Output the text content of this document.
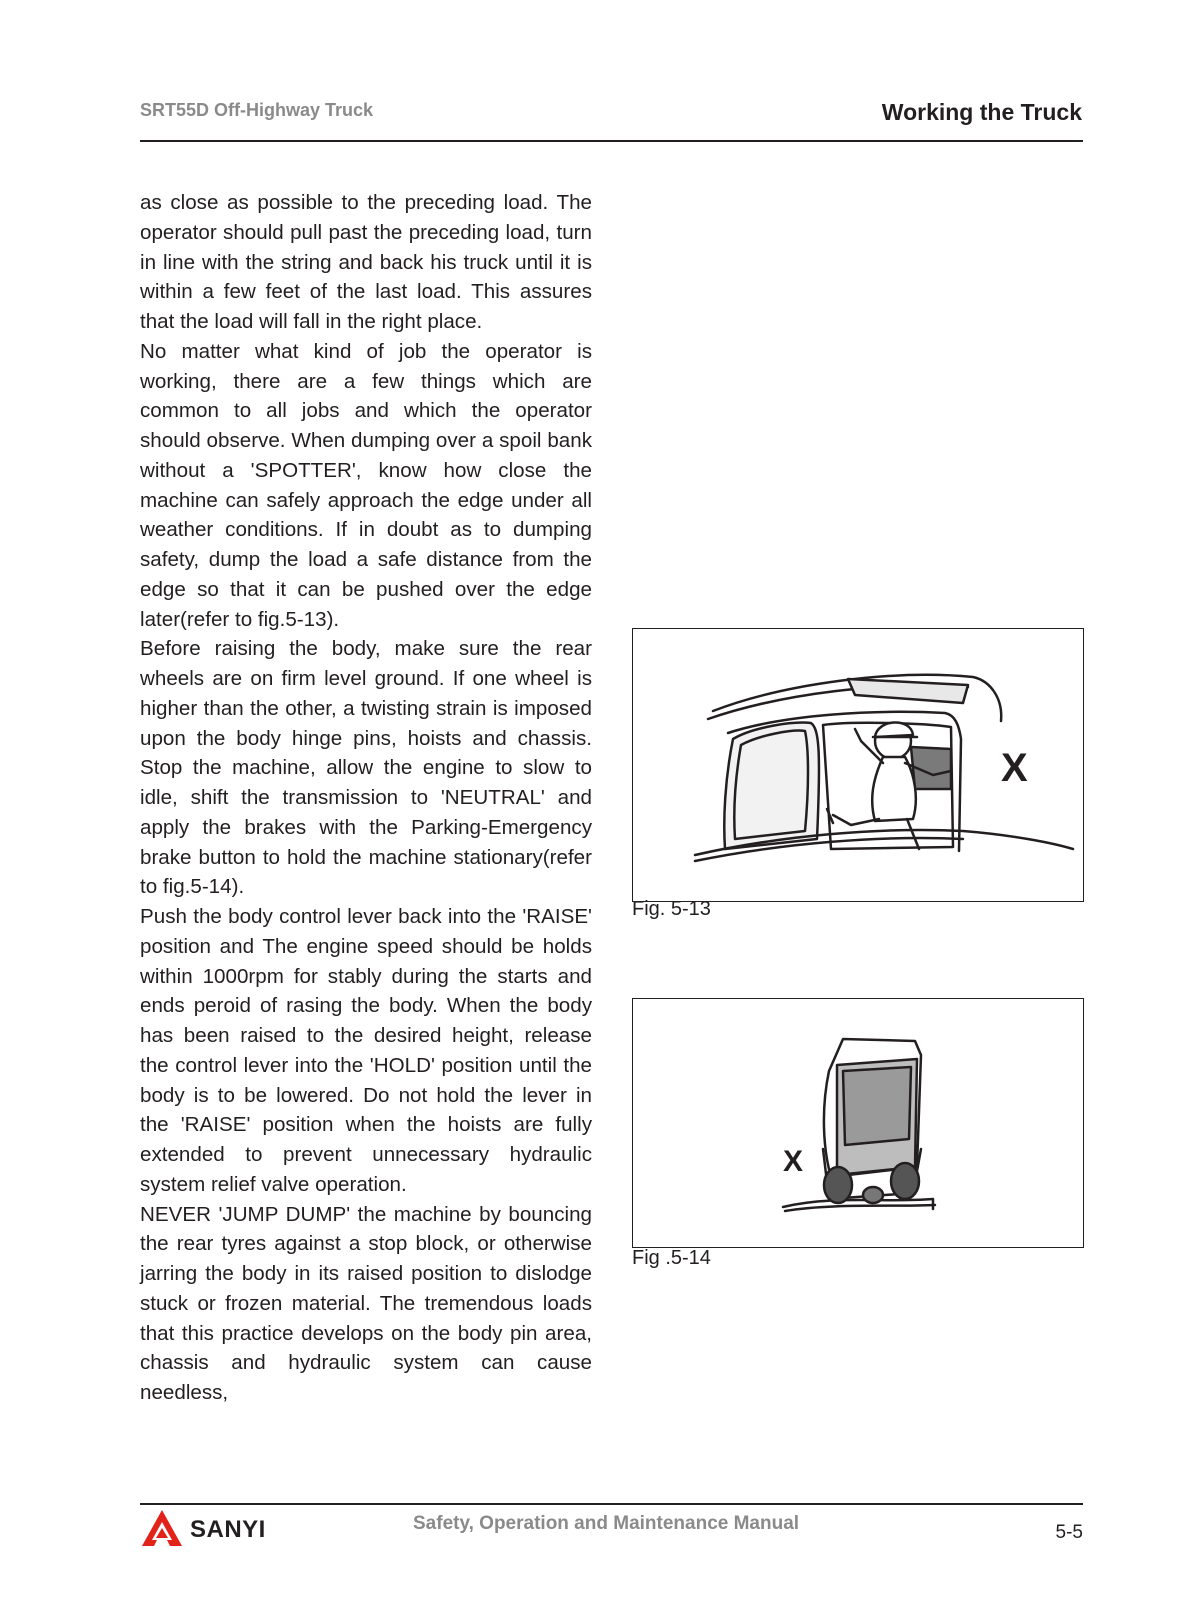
SRT55D Off-Highway Truck	Working the Truck

as close as possible to the preceding load. The operator should pull past the preceding load, turn in line with the string and back his truck until it is within a few feet of the last load. This assures that the load will fall in the right place.

No matter what kind of job the operator is working, there are a few things which are common to all jobs and which the operator should observe. When dumping over a spoil bank without a 'SPOTTER', know how close the machine can safely approach the edge under all weather conditions. If in doubt as to dumping safety, dump the load a safe distance from the edge so that it can be pushed over the edge later(refer to fig.5-13).

Before raising the body, make sure the rear wheels are on firm level ground. If one wheel is higher than the other, a twisting strain is imposed upon the body hinge pins, hoists and chassis. Stop the machine, allow the engine to slow to idle, shift the transmission to 'NEUTRAL' and apply the brakes with the Parking-Emergency brake button to hold the machine stationary(refer to fig.5-14).

Push the body control lever back into the 'RAISE' position and The engine speed should be holds within 1000rpm for stably during the starts and ends peroid of rasing the body. When the body has been raised to the desired height, release the control lever into the 'HOLD' position until the body is to be lowered. Do not hold the lever in the 'RAISE' position when the hoists are fully extended to prevent unnecessary hydraulic system relief valve operation.

NEVER 'JUMP DUMP' the machine by bouncing the rear tyres against a stop block, or otherwise jarring the body in its raised position to dislodge stuck or frozen material. The tremendous loads that this practice develops on the body pin area, chassis and hydraulic system can cause needless,

X
Fig. 5-13
X
Fig .5-14
SANYI	Safety, Operation and Maintenance Manual	5-5
